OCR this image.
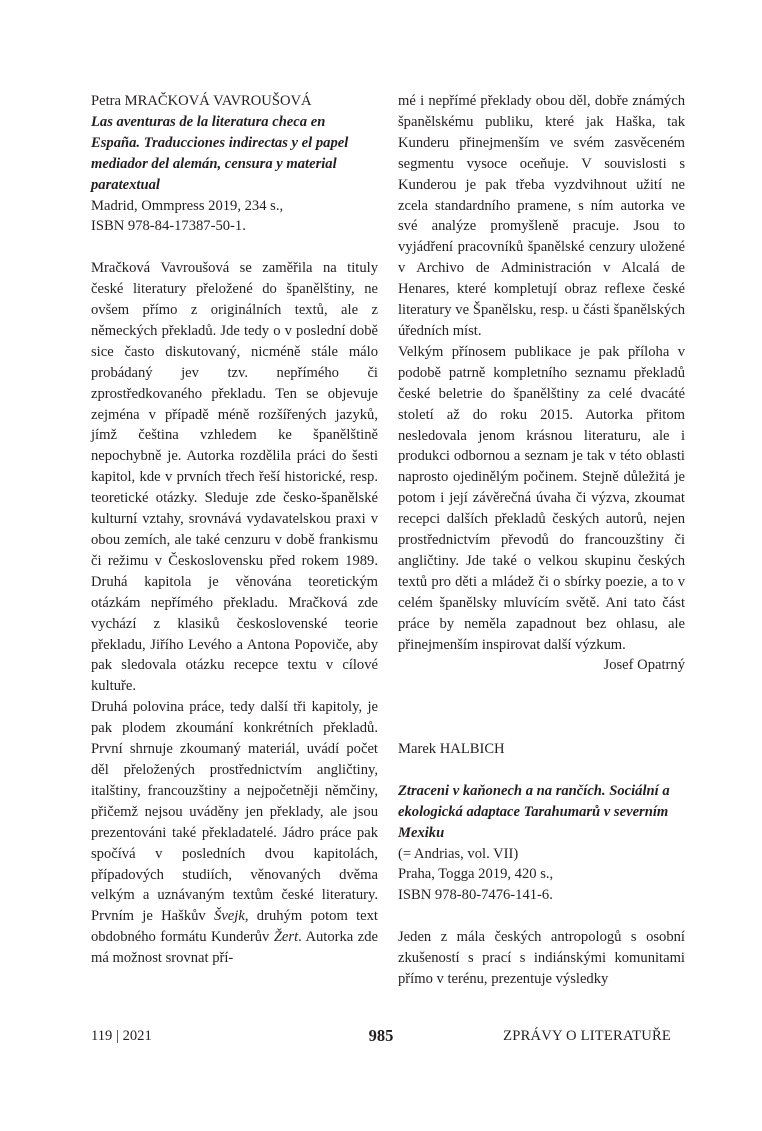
Petra MRAČKOVÁ VAVROUŠOVÁ

Las aventuras de la literatura checa en España. Traducciones indirectas y el papel mediador del alemán, censura y material paratextual

Madrid, Ommpress 2019, 234 s.,

ISBN 978-84-17387-50-1.

Mračková Vavroušová se zaměřila na tituly české literatury přeložené do španělštiny, ne ovšem přímo z originálních textů, ale z německých překladů. Jde tedy o v poslední době sice často diskutovaný, nicméně stále málo probádaný jev tzv. nepřímého či zprostředkovaného překladu. Ten se objevuje zejména v případě méně rozšířených jazyků, jímž čeština vzhledem ke španělštině nepochybně je. Autorka rozdělila práci do šesti kapitol, kde v prvních třech řeší historické, resp. teoretické otázky. Sleduje zde česko-španělské kulturní vztahy, srovnává vydavatelskou praxi v obou zemích, ale také cenzuru v době frankismu či režimu v Československu před rokem 1989. Druhá kapitola je věnována teoretickým otázkám nepřímého překladu. Mračková zde vychází z klasiků československé teorie překladu, Jiřího Levého a Antona Popoviče, aby pak sledovala otázku recepce textu v cílové kultuře.

Druhá polovina práce, tedy další tři kapitoly, je pak plodem zkoumání konkrétních překladů. První shrnuje zkoumaný materiál, uvádí počet děl přeložených prostřednictvím angličtiny, italštiny, francouzštiny a nejpočetněji němčiny, přičemž nejsou uváděny jen překlady, ale jsou prezentováni také překladatelé. Jádro práce pak spočívá v posledních dvou kapitolách, případových studiích, věnovaných dvěma velkým a uznávaným textům české literatury. Prvním je Haškův Švejk, druhým potom text obdobného formátu Kunderův Žert. Autorka zde má možnost srovnat pří-

mé i nepřímé překlady obou děl, dobře známých španělskému publiku, které jak Haška, tak Kunderu přinejmenším ve svém zasvěceném segmentu vysoce oceňuje. V souvislosti s Kunderou je pak třeba vyzdvihnout užití ne zcela standardního pramene, s ním autorka ve své analýze promyšleně pracuje. Jsou to vyjádření pracovníků španělské cenzury uložené v Archivo de Administración v Alcalá de Henares, které kompletují obraz reflexe české literatury ve Španělsku, resp. u části španělských úředních míst.

Velkým přínosem publikace je pak příloha v podobě patrně kompletního seznamu překladů české beletrie do španělštiny za celé dvacáté století až do roku 2015. Autorka přitom nesledovala jenom krásnou literaturu, ale i produkci odbornou a seznam je tak v této oblasti naprosto ojedinělým počinem. Stejně důležitá je potom i její závěrečná úvaha či výzva, zkoumat recepci dalších překladů českých autorů, nejen prostřednictvím převodů do francouzštiny či angličtiny. Jde také o velkou skupinu českých textů pro děti a mládež či o sbírky poezie, a to v celém španělsky mluvícím světě. Ani tato část práce by neměla zapadnout bez ohlasu, ale přinejmenším inspirovat další výzkum.

Josef Opatrný

Marek HALBICH

Ztraceni v kaňonech a na rančích. Sociální a ekologická adaptace Tarahumarů v severním Mexiku

(= Andrias, vol. VII)

Praha, Togga 2019, 420 s.,

ISBN 978-80-7476-141-6.

Jeden z mála českých antropologů s osobní zkušeností s prací s indiánskými komunitami přímo v terénu, prezentuje výsledky

119 | 2021	985	ZPRÁVY O LITERATUŘE
